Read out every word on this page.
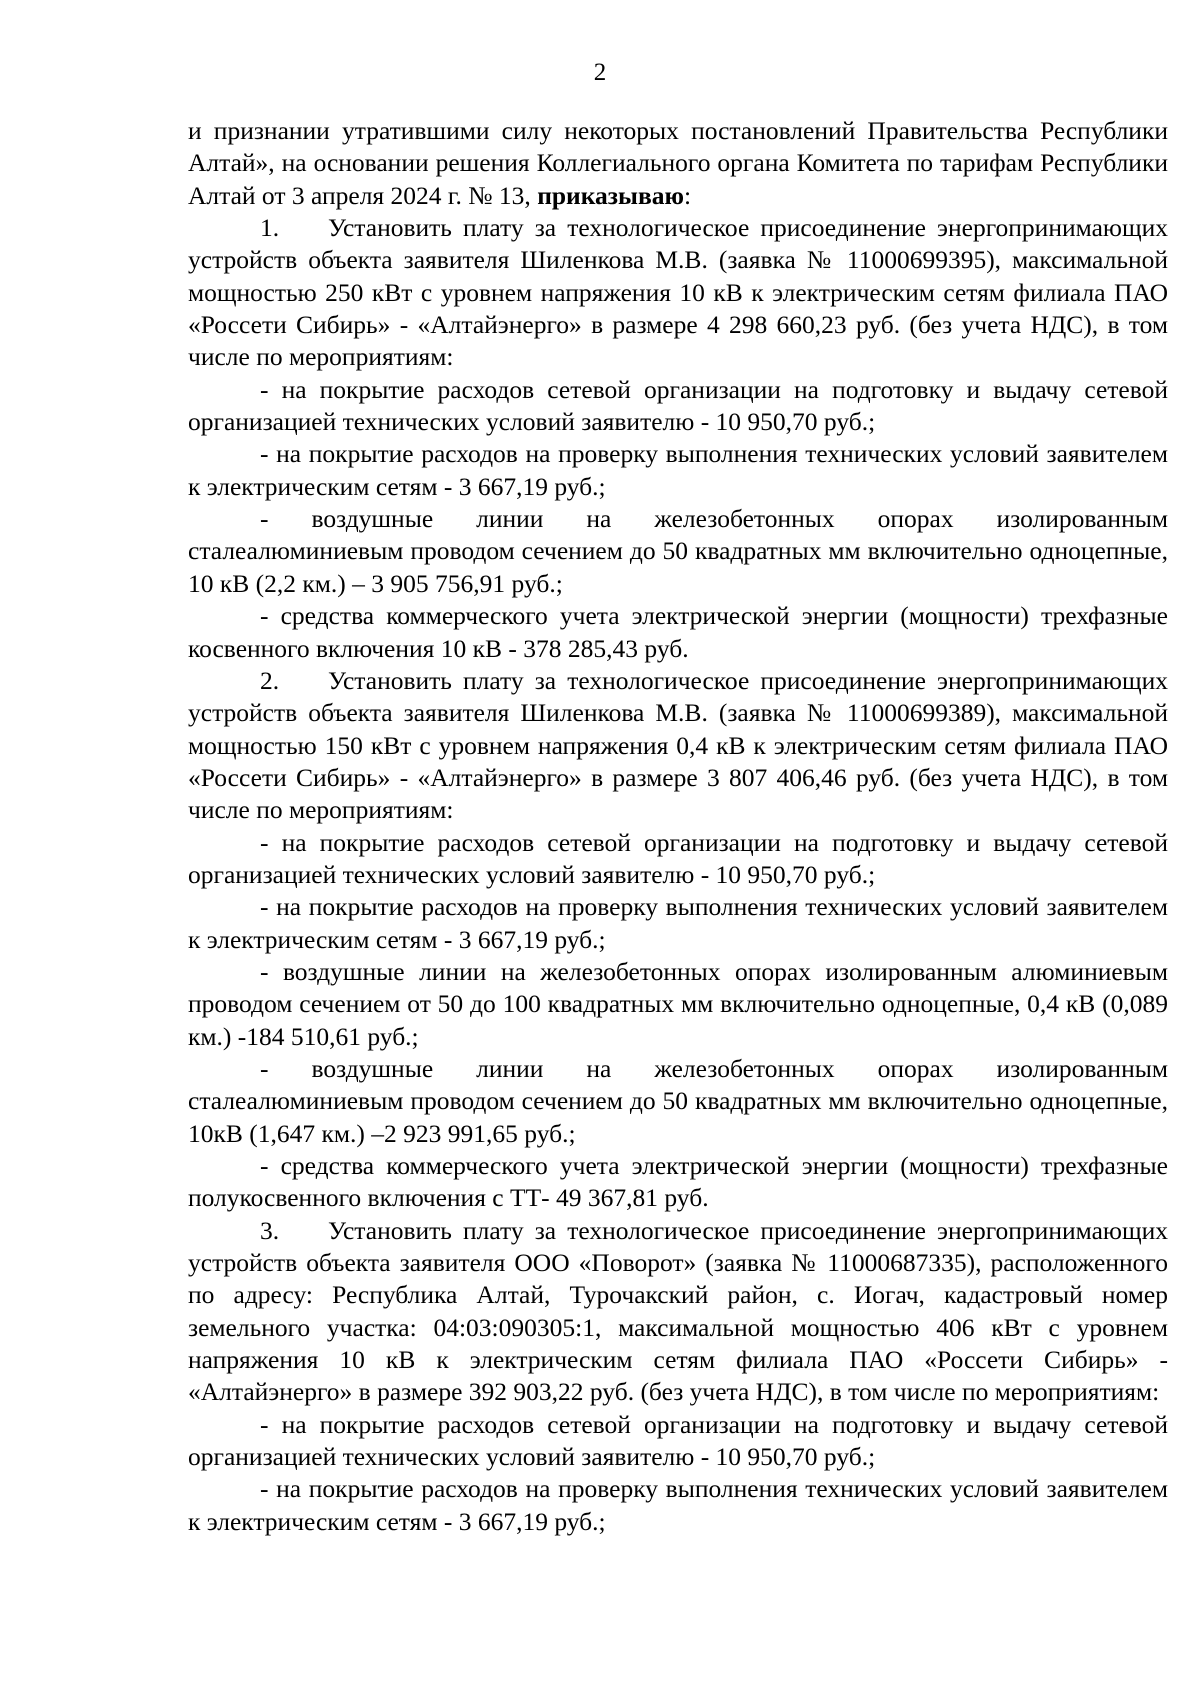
2

и признании утратившими силу некоторых постановлений Правительства Республики Алтай», на основании решения Коллегиального органа Комитета по тарифам Республики Алтай от 3 апреля 2024 г. № 13, приказываю:

1. Установить плату за технологическое присоединение энергопринимающих устройств объекта заявителя Шиленкова М.В. (заявка № 11000699395), максимальной мощностью 250 кВт с уровнем напряжения 10 кВ к электрическим сетям филиала ПАО «Россети Сибирь» - «Алтайэнерго» в размере 4 298 660,23 руб. (без учета НДС), в том числе по мероприятиям:

- на покрытие расходов сетевой организации на подготовку и выдачу сетевой организацией технических условий заявителю - 10 950,70 руб.;

- на покрытие расходов на проверку выполнения технических условий заявителем к электрическим сетям - 3 667,19 руб.;

- воздушные линии на железобетонных опорах изолированным сталеалюминиевым проводом сечением до 50 квадратных мм включительно одноцепные, 10 кВ (2,2 км.) – 3 905 756,91 руб.;

- средства коммерческого учета электрической энергии (мощности) трехфазные косвенного включения 10 кВ - 378 285,43 руб.

2. Установить плату за технологическое присоединение энергопринимающих устройств объекта заявителя Шиленкова М.В. (заявка № 11000699389), максимальной мощностью 150 кВт с уровнем напряжения 0,4 кВ к электрическим сетям филиала ПАО «Россети Сибирь» - «Алтайэнерго» в размере 3 807 406,46 руб. (без учета НДС), в том числе по мероприятиям:

- на покрытие расходов сетевой организации на подготовку и выдачу сетевой организацией технических условий заявителю - 10 950,70 руб.;

- на покрытие расходов на проверку выполнения технических условий заявителем к электрическим сетям - 3 667,19 руб.;

- воздушные линии на железобетонных опорах изолированным алюминиевым проводом сечением от 50 до 100 квадратных мм включительно одноцепные, 0,4 кВ (0,089 км.) -184 510,61 руб.;

- воздушные линии на железобетонных опорах изолированным сталеалюминиевым проводом сечением до 50 квадратных мм включительно одноцепные, 10кВ (1,647 км.) –2 923 991,65 руб.;

- средства коммерческого учета электрической энергии (мощности) трехфазные полукосвенного включения с ТТ- 49 367,81 руб.

3. Установить плату за технологическое присоединение энергопринимающих устройств объекта заявителя ООО «Поворот» (заявка № 11000687335), расположенного по адресу: Республика Алтай, Турочакский район, с. Иогач, кадастровый номер земельного участка: 04:03:090305:1, максимальной мощностью 406 кВт с уровнем напряжения 10 кВ к электрическим сетям филиала ПАО «Россети Сибирь» - «Алтайэнерго» в размере 392 903,22 руб. (без учета НДС), в том числе по мероприятиям:

- на покрытие расходов сетевой организации на подготовку и выдачу сетевой организацией технических условий заявителю - 10 950,70 руб.;

- на покрытие расходов на проверку выполнения технических условий заявителем к электрическим сетям - 3 667,19 руб.;
